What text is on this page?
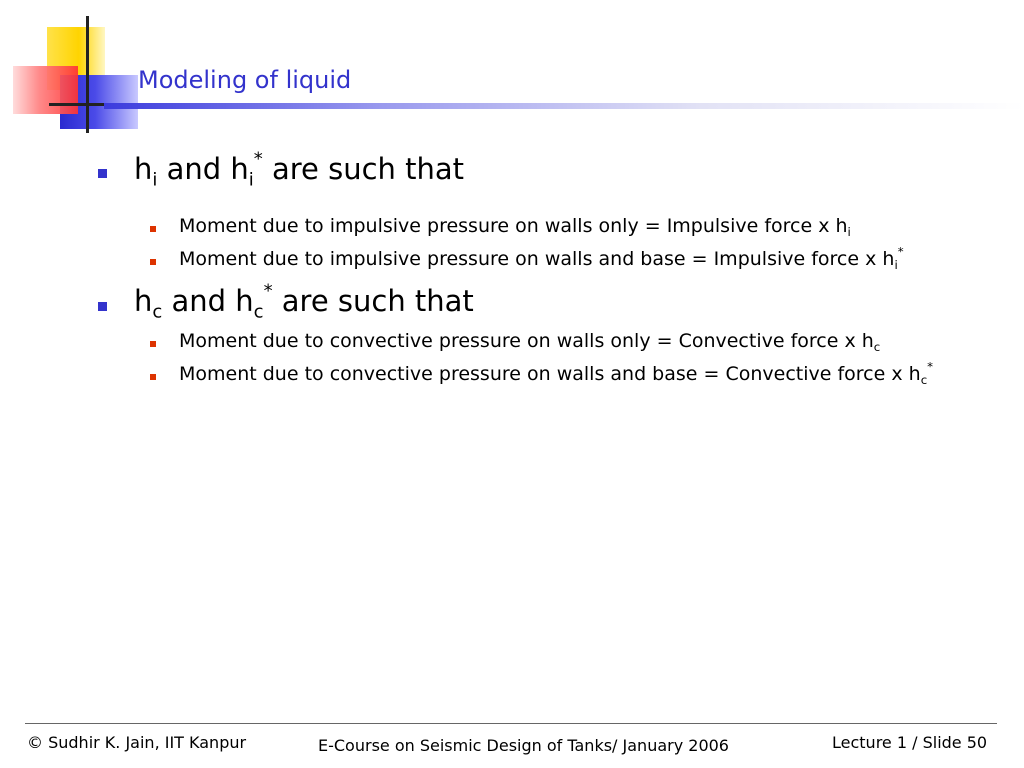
Modeling of liquid
$h_i$ and $h_i^*$ are such that
Moment due to impulsive pressure on walls only = Impulsive force x $h_i$
Moment due to impulsive pressure on walls and base = Impulsive force x $h_i^*$
$h_c$ and $h_c^*$ are such that
Moment due to convective pressure on walls only = Convective force x $h_c$
Moment due to convective pressure on walls and base = Convective force x $h_c^*$
© Sudhir K. Jain, IIT Kanpur	E-Course on Seismic Design of Tanks/ January 2006	Lecture 1 / Slide 50
